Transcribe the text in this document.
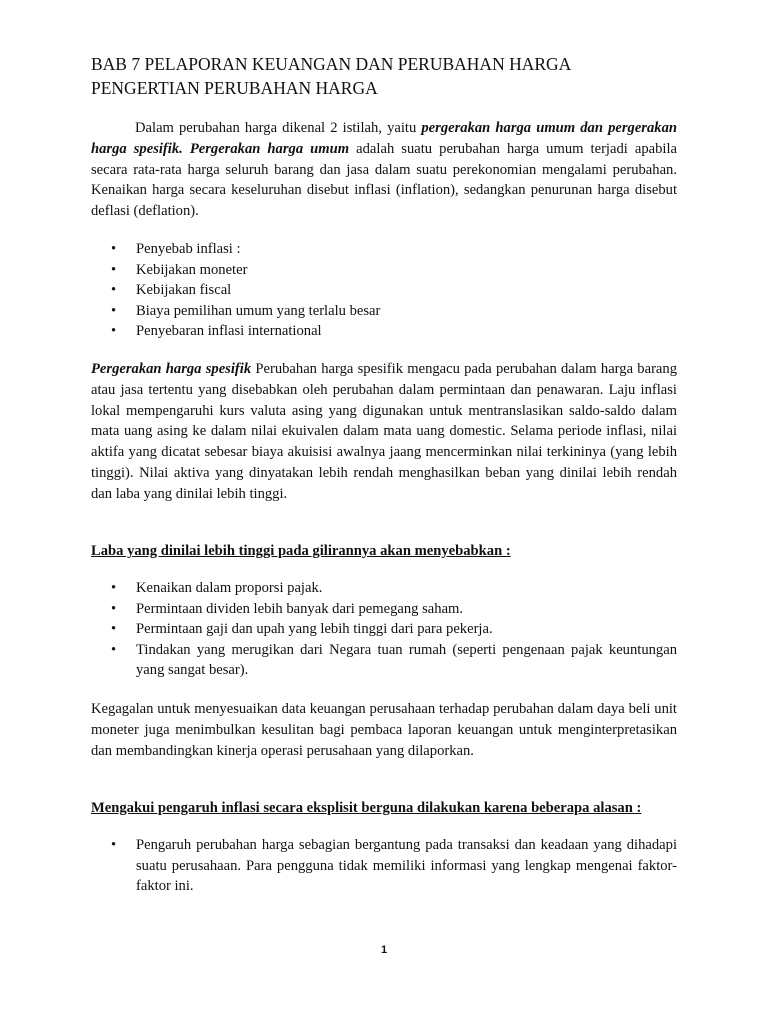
BAB 7 PELAPORAN KEUANGAN DAN PERUBAHAN HARGA
PENGERTIAN PERUBAHAN HARGA

Dalam perubahan harga dikenal 2 istilah, yaitu pergerakan harga umum dan pergerakan harga spesifik. Pergerakan harga umum adalah suatu perubahan harga umum terjadi apabila secara rata-rata harga seluruh barang dan jasa dalam suatu perekonomian mengalami perubahan. Kenaikan harga secara keseluruhan disebut inflasi (inflation), sedangkan penurunan harga disebut deflasi (deflation).

• Penyebab inflasi :
• Kebijakan moneter
• Kebijakan fiscal
• Biaya pemilihan umum yang terlalu besar
• Penyebaran inflasi international

Pergerakan harga spesifik Perubahan harga spesifik mengacu pada perubahan dalam harga barang atau jasa tertentu yang disebabkan oleh perubahan dalam permintaan dan penawaran. Laju inflasi lokal mempengaruhi kurs valuta asing yang digunakan untuk mentranslasikan saldo-saldo dalam mata uang asing ke dalam nilai ekuivalen dalam mata uang domestic. Selama periode inflasi, nilai aktifa yang dicatat sebesar biaya akuisisi awalnya jaang mencerminkan nilai terkininya (yang lebih tinggi). Nilai aktiva yang dinyatakan lebih rendah menghasilkan beban yang dinilai lebih rendah dan laba yang dinilai lebih tinggi.

Laba yang dinilai lebih tinggi pada gilirannya akan menyebabkan :
• Kenaikan dalam proporsi pajak.
• Permintaan dividen lebih banyak dari pemegang saham.
• Permintaan gaji dan upah yang lebih tinggi dari para pekerja.
• Tindakan yang merugikan dari Negara tuan rumah (seperti pengenaan pajak keuntungan yang sangat besar).

Kegagalan untuk menyesuaikan data keuangan perusahaan terhadap perubahan dalam daya beli unit moneter juga menimbulkan kesulitan bagi pembaca laporan keuangan untuk menginterpretasikan dan membandingkan kinerja operasi perusahaan yang dilaporkan.

Mengakui pengaruh inflasi secara eksplisit berguna dilakukan karena beberapa alasan :
• Pengaruh perubahan harga sebagian bergantung pada transaksi dan keadaan yang dihadapi suatu perusahaan. Para pengguna tidak memiliki informasi yang lengkap mengenai faktor-faktor ini.
1
